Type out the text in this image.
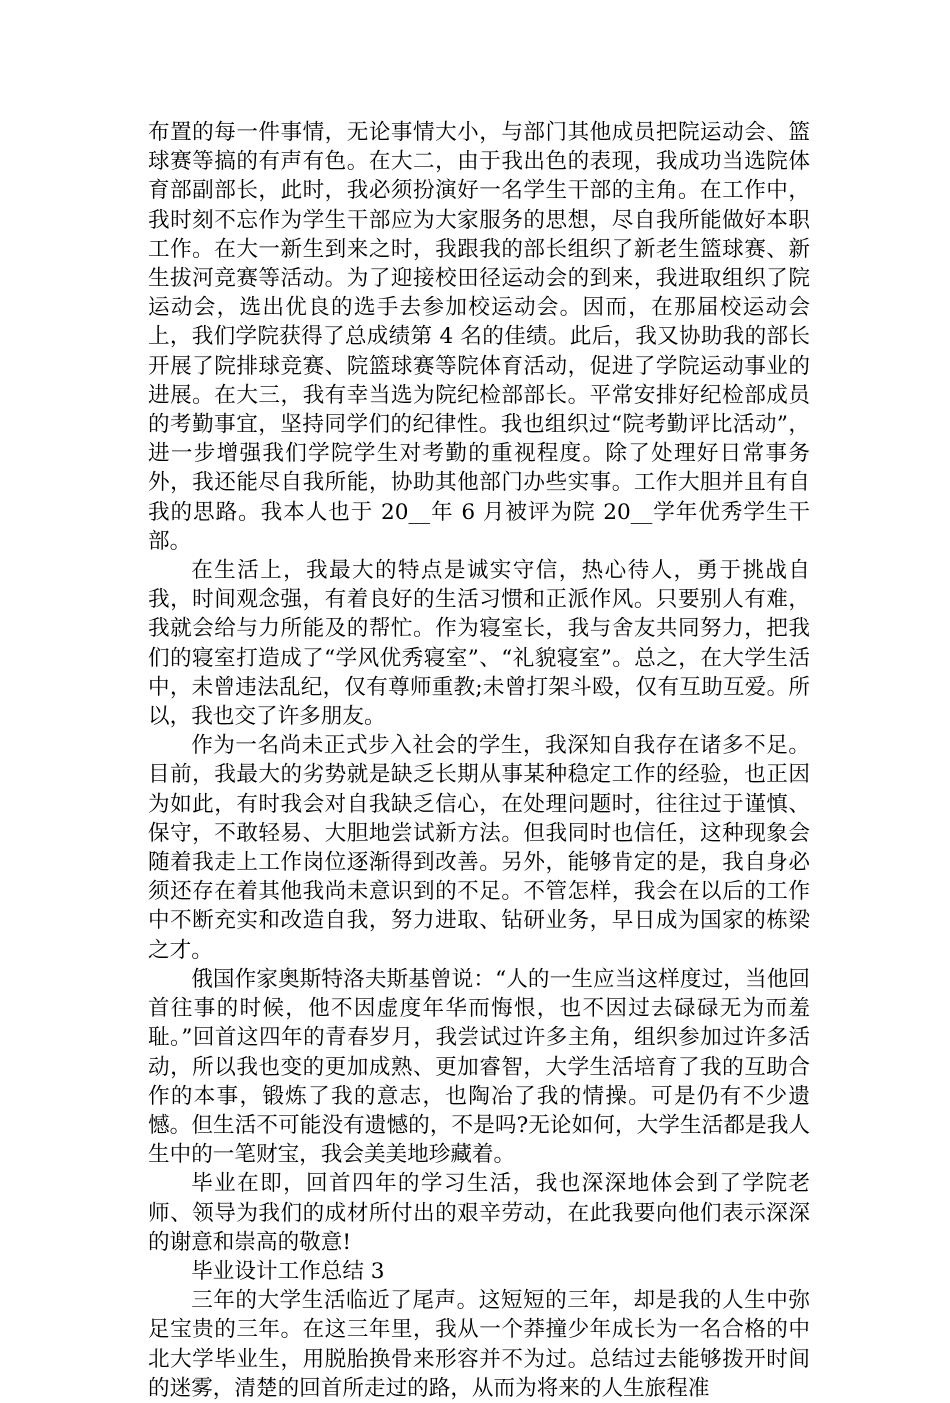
布置的每一件事情，无论事情大小，与部门其他成员把院运动会、篮球赛等搞的有声有色。在大二，由于我出色的表现，我成功当选院体育部副部长，此时，我必须扮演好一名学生干部的主角。在工作中，我时刻不忘作为学生干部应为大家服务的思想，尽自我所能做好本职工作。在大一新生到来之时，我跟我的部长组织了新老生篮球赛、新生拔河竞赛等活动。为了迎接校田径运动会的到来，我进取组织了院运动会，选出优良的选手去参加校运动会。因而，在那届校运动会上，我们学院获得了总成绩第 4 名的佳绩。此后，我又协助我的部长开展了院排球竞赛、院篮球赛等院体育活动，促进了学院运动事业的进展。在大三，我有幸当选为院纪检部部长。平常安排好纪检部成员的考勤事宜，坚持同学们的纪律性。我也组织过“院考勤评比活动”，进一步增强我们学院学生对考勤的重视程度。除了处理好日常事务外，我还能尽自我所能，协助其他部门办些实事。工作大胆并且有自我的思路。我本人也于 20__年 6 月被评为院 20__学年优秀学生干部。

在生活上，我最大的特点是诚实守信，热心待人，勇于挑战自我，时间观念强，有着良好的生活习惯和正派作风。只要别人有难，我就会给与力所能及的帮忙。作为寝室长，我与舍友共同努力，把我们的寝室打造成了“学风优秀寝室”、“礼貌寝室”。总之，在大学生活中，未曾违法乱纪，仅有尊师重教;未曾打架斗殴，仅有互助互爱。所以，我也交了许多朋友。

作为一名尚未正式步入社会的学生，我深知自我存在诸多不足。目前，我最大的劣势就是缺乏长期从事某种稳定工作的经验，也正因为如此，有时我会对自我缺乏信心，在处理问题时，往往过于谨慎、保守，不敢轻易、大胆地尝试新方法。但我同时也信任，这种现象会随着我走上工作岗位逐渐得到改善。另外，能够肯定的是，我自身必须还存在着其他我尚未意识到的不足。不管怎样，我会在以后的工作中不断充实和改造自我，努力进取、钻研业务，早日成为国家的栋梁之才。

俄国作家奥斯特洛夫斯基曾说：“人的一生应当这样度过，当他回首往事的时候，他不因虚度年华而悔恨，也不因过去碌碌无为而羞耻。”回首这四年的青春岁月，我尝试过许多主角，组织参加过许多活动，所以我也变的更加成熟、更加睿智，大学生活培育了我的互助合作的本事，锻炼了我的意志，也陶冶了我的情操。可是仍有不少遗憾。但生活不可能没有遗憾的，不是吗?无论如何，大学生活都是我人生中的一笔财宝，我会美美地珍藏着。

毕业在即，回首四年的学习生活，我也深深地体会到了学院老师、领导为我们的成材所付出的艰辛劳动，在此我要向他们表示深深的谢意和崇高的敬意!

毕业设计工作总结 3

三年的大学生活临近了尾声。这短短的三年，却是我的人生中弥足宝贵的三年。在这三年里，我从一个莽撞少年成长为一名合格的中北大学毕业生，用脱胎换骨来形容并不为过。总结过去能够拨开时间的迷雾，清楚的回首所走过的路，从而为将来的人生旅程准
